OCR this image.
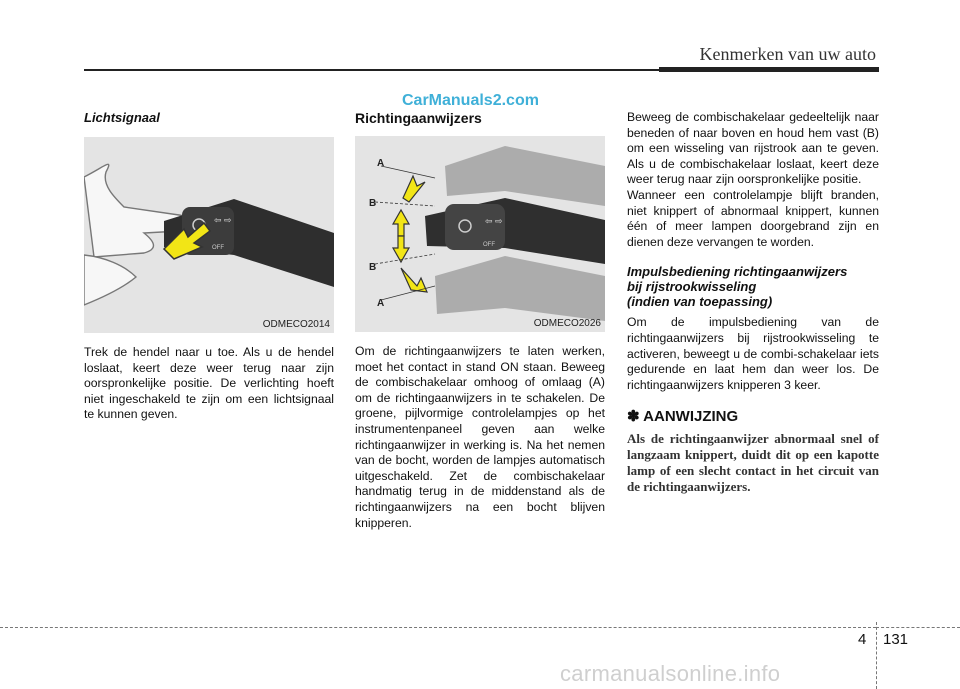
Kenmerken van uw auto
CarManuals2.com
Lichtsignaal
⇦ ⇨
OFF
ODMECO2014

Trek de hendel naar u toe. Als u de hendel loslaat, keert deze weer terug naar zijn oorspronkelijke positie. De verlichting hoeft niet ingeschakeld te zijn om een lichtsignaal te kunnen geven.

Richtingaanwijzers
⇦ ⇨
OFF
A
B
B
A
ODMECO2026

Om de richtingaanwijzers te laten werken, moet het contact in stand ON staan. Beweeg de combischakelaar omhoog of omlaag (A) om de richtingaanwijzers in te schakelen. De groene, pijlvormige controlelampjes op het instrumentenpaneel geven aan welke richtingaanwijzer in werking is. Na het nemen van de bocht, worden de lampjes automatisch uitgeschakeld. Zet de combischakelaar handmatig terug in de middenstand als de richtingaanwijzers na een bocht blijven knipperen.

Beweeg de combischakelaar gedeeltelijk naar beneden of naar boven en houd hem vast (B) om een wisseling van rijstrook aan te geven. Als u de combischakelaar loslaat, keert deze weer terug naar zijn oorspronkelijke positie.

Wanneer een controlelampje blijft branden, niet knippert of abnormaal knippert, kunnen één of meer lampen doorgebrand zijn en dienen deze vervangen te worden.

Impulsbediening richtingaanwijzers
bij rijstrookwisseling
(indien van toepassing)

Om de impulsbediening van de richtingaanwijzers bij rijstrookwisseling te activeren, beweegt u de combi-schakelaar iets gedurende en laat hem dan weer los. De richtingaanwijzers knipperen 3 keer.

✽ AANWIJZING
Als de richtingaanwijzer abnormaal snel of langzaam knippert, duidt dit op een kapotte lamp of een slecht contact in het circuit van de richtingaanwijzers.
4 131
carmanualsonline.info
